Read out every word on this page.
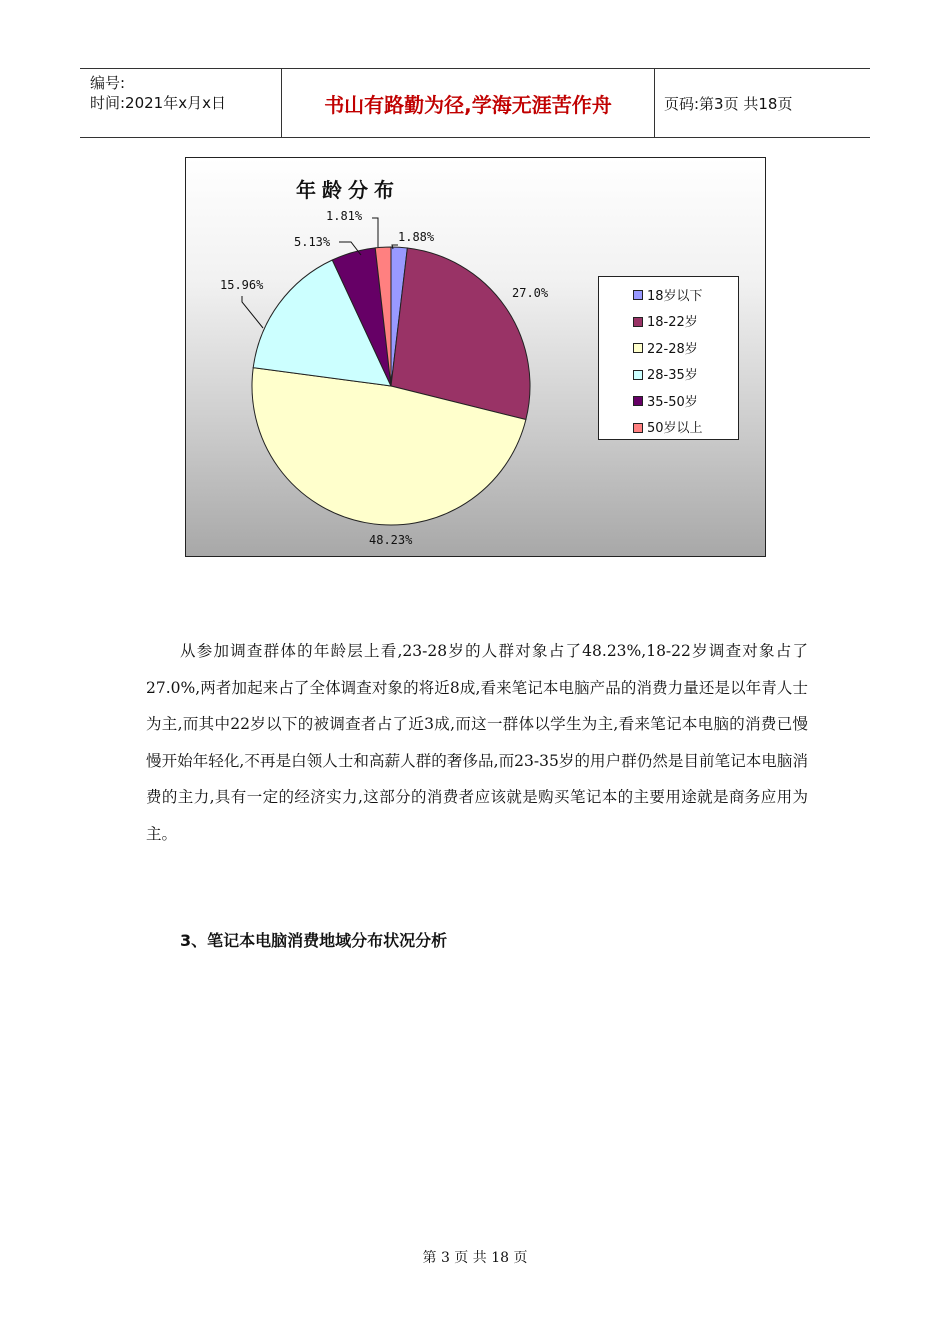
编号:
时间:2021年x月x日	书山有路勤为径,学海无涯苦作舟	页码:第3页 共18页
1.88%
27.0%
48.23%
15.96%
5.13%
1.81%
年龄分布
18岁以下
18-22岁
22-28岁
28-35岁
35-50岁
50岁以上

从参加调查群体的年龄层上看,23-28岁的人群对象占了48.23%,18-22岁调查对象占了27.0%,两者加起来占了全体调查对象的将近8成,看来笔记本电脑产品的消费力量还是以年青人士为主,而其中22岁以下的被调查者占了近3成,而这一群体以学生为主,看来笔记本电脑的消费已慢慢开始年轻化,不再是白领人士和高薪人群的奢侈品,而23-35岁的用户群仍然是目前笔记本电脑消费的主力,具有一定的经济实力,这部分的消费者应该就是购买笔记本的主要用途就是商务应用为主。

3、笔记本电脑消费地域分布状况分析
第 3 页 共 18 页
